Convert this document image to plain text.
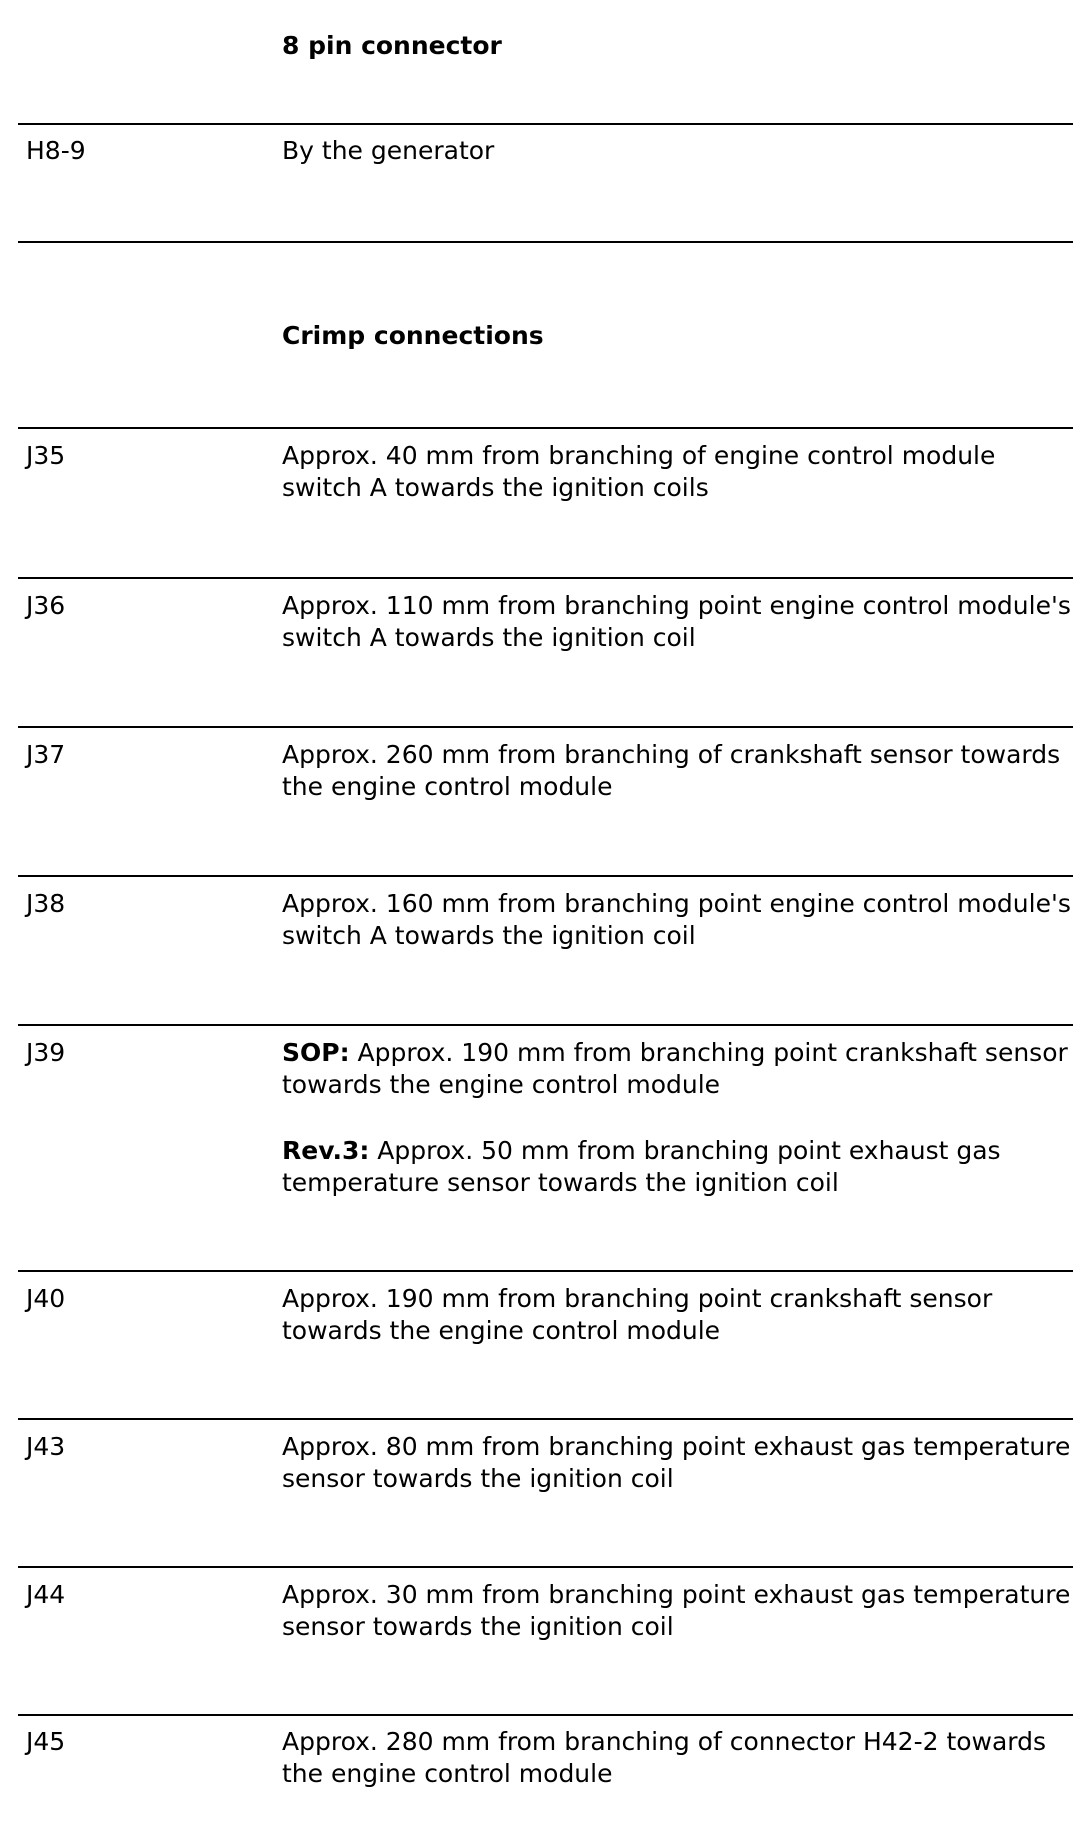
8 pin connector
H8-9	By the generator
Crimp connections
J35	Approx. 40 mm from branching of engine control module switch A towards the ignition coils
J36	Approx. 110 mm from branching point engine control module's switch A towards the ignition coil
J37	Approx. 260 mm from branching of crankshaft sensor towards the engine control module
J38	Approx. 160 mm from branching point engine control module's switch A towards the ignition coil
J39	SOP: Approx. 190 mm from branching point crankshaft sensor towards the engine control module

Rev.3: Approx. 50 mm from branching point exhaust gas temperature sensor towards the ignition coil

J40	Approx. 190 mm from branching point crankshaft sensor towards the engine control module
J43	Approx. 80 mm from branching point exhaust gas temperature sensor towards the ignition coil
J44	Approx. 30 mm from branching point exhaust gas temperature sensor towards the ignition coil
J45	Approx. 280 mm from branching of connector H42-2 towards the engine control module
